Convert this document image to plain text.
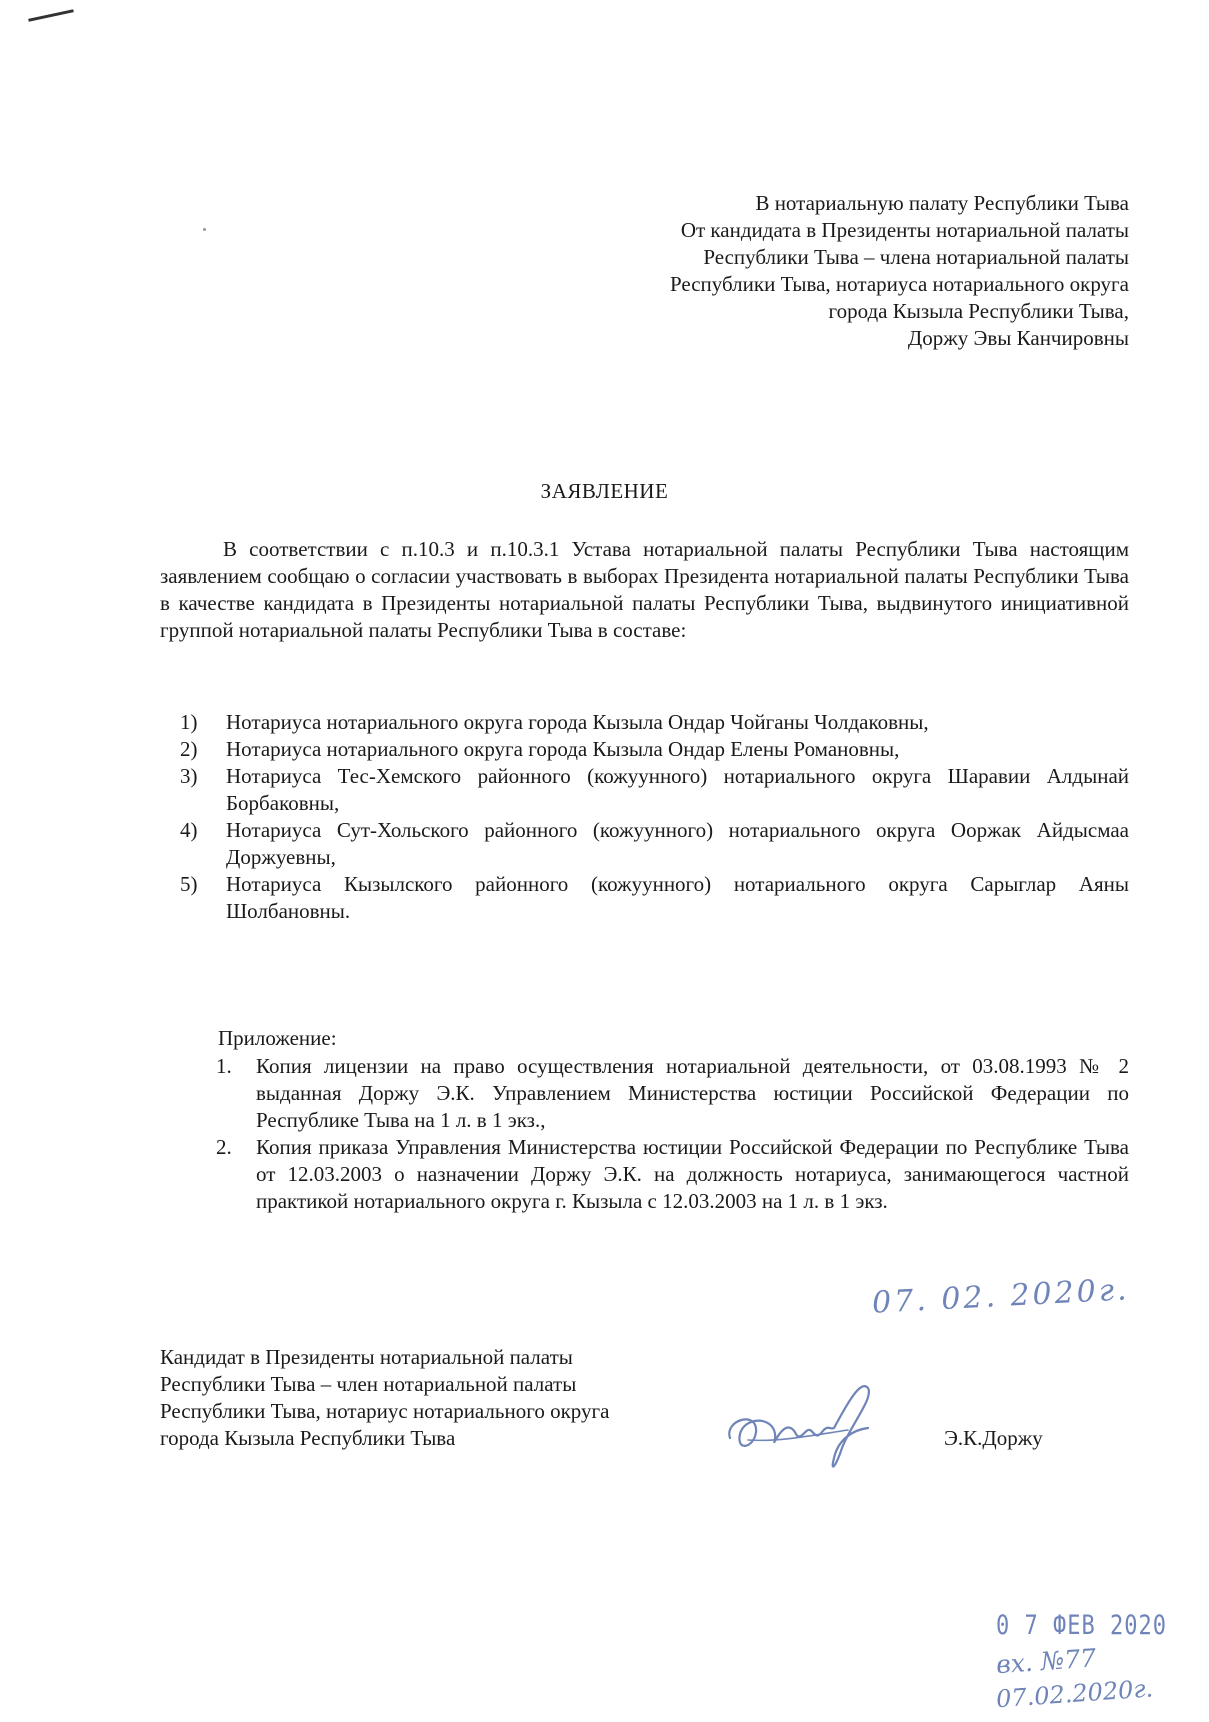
В нотариальную палату Республики Тыва
От кандидата в Президенты нотариальной палаты
Республики Тыва – члена нотариальной палаты
Республики Тыва, нотариуса нотариального округа
города Кызыла Республики Тыва,
Доржу Эвы Канчировны
ЗАЯВЛЕНИЕ

В соответствии с п.10.3 и п.10.3.1 Устава нотариальной палаты Республики Тыва настоящим заявлением сообщаю о согласии участвовать в выборах Президента нотариальной палаты Республики Тыва в качестве кандидата в Президенты нотариальной палаты Республики Тыва, выдвинутого инициативной группой нотариальной палаты Республики Тыва в составе:

1) Нотариуса нотариального округа города Кызыла Ондар Чойганы Чолдаковны,
2) Нотариуса нотариального округа города Кызыла Ондар Елены Романовны,
3) Нотариуса Тес-Хемского районного (кожуунного) нотариального округа Шаравии Алдынай Борбаковны,
4) Нотариуса Сут-Хольского районного (кожуунного) нотариального округа Ооржак Айдысмаа Доржуевны,
5) Нотариуса Кызылского районного (кожуунного) нотариального округа Сарыглар Аяны Шолбановны.
Приложение:
1. Копия лицензии на право осуществления нотариальной деятельности, от 03.08.1993 № 2 выданная Доржу Э.К. Управлением Министерства юстиции Российской Федерации по Республике Тыва на 1 л. в 1 экз.,
2. Копия приказа Управления Министерства юстиции Российской Федерации по Республике Тыва от 12.03.2003 о назначении Доржу Э.К. на должность нотариуса, занимающегося частной практикой нотариального округа г. Кызыла с 12.03.2003 на 1 л. в 1 экз.
07. 02. 2020г.
Кандидат в Президенты нотариальной палаты
Республики Тыва – член нотариальной палаты
Республики Тыва, нотариус нотариального округа
города Кызыла Республики Тыва	Э.К.Доржу
0 7 ФЕВ 2020
вх. №77
07.02.2020г.
